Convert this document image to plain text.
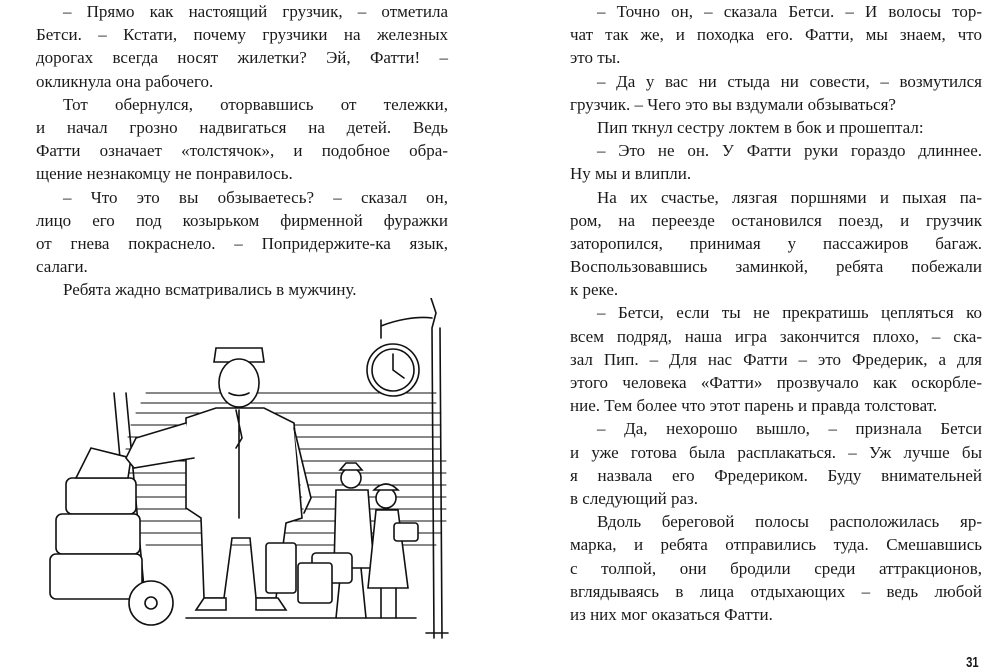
– Прямо как настоящий грузчик, – отметила
Бетси. – Кстати, почему грузчики на железных
дорогах всегда носят жилетки? Эй, Фатти! –
окликнула она рабочего.
Тот обернулся, оторвавшись от тележки,
и начал грозно надвигаться на детей. Ведь
Фатти означает «толстячок», и подобное обра-
щение незнакомцу не понравилось.
– Что это вы обзываетесь? – сказал он,
лицо его под козырьком фирменной фуражки
от гнева покраснело. – Попридержите-ка язык,
салаги.
Ребята жадно всматривались в мужчину.
– Точно он, – сказала Бетси. – И волосы тор-
чат так же, и походка его. Фатти, мы знаем, что
это ты.
– Да у вас ни стыда ни совести, – возмутился
грузчик. – Чего это вы вздумали обзываться?
Пип ткнул сестру локтем в бок и прошептал:
– Это не он. У Фатти руки гораздо длиннее.
Ну мы и влипли.
На их счастье, лязгая поршнями и пыхая па-
ром, на переезде остановился поезд, и грузчик
заторопился, принимая у пассажиров багаж.
Воспользовавшись заминкой, ребята побежали
к реке.
– Бетси, если ты не прекратишь цепляться ко
всем подряд, наша игра закончится плохо, – ска-
зал Пип. – Для нас Фатти – это Фредерик, а для
этого человека «Фатти» прозвучало как оскорбле-
ние. Тем более что этот парень и правда толстоват.
– Да, нехорошо вышло, – признала Бетси
и уже готова была расплакаться. – Уж лучше бы
я назвала его Фредериком. Буду внимательней
в следующий раз.
Вдоль береговой полосы расположилась яр-
марка, и ребята отправились туда. Смешавшись
с толпой, они бродили среди аттракционов,
вглядываясь в лица отдыхающих – ведь любой
из них мог оказаться Фатти.
31
